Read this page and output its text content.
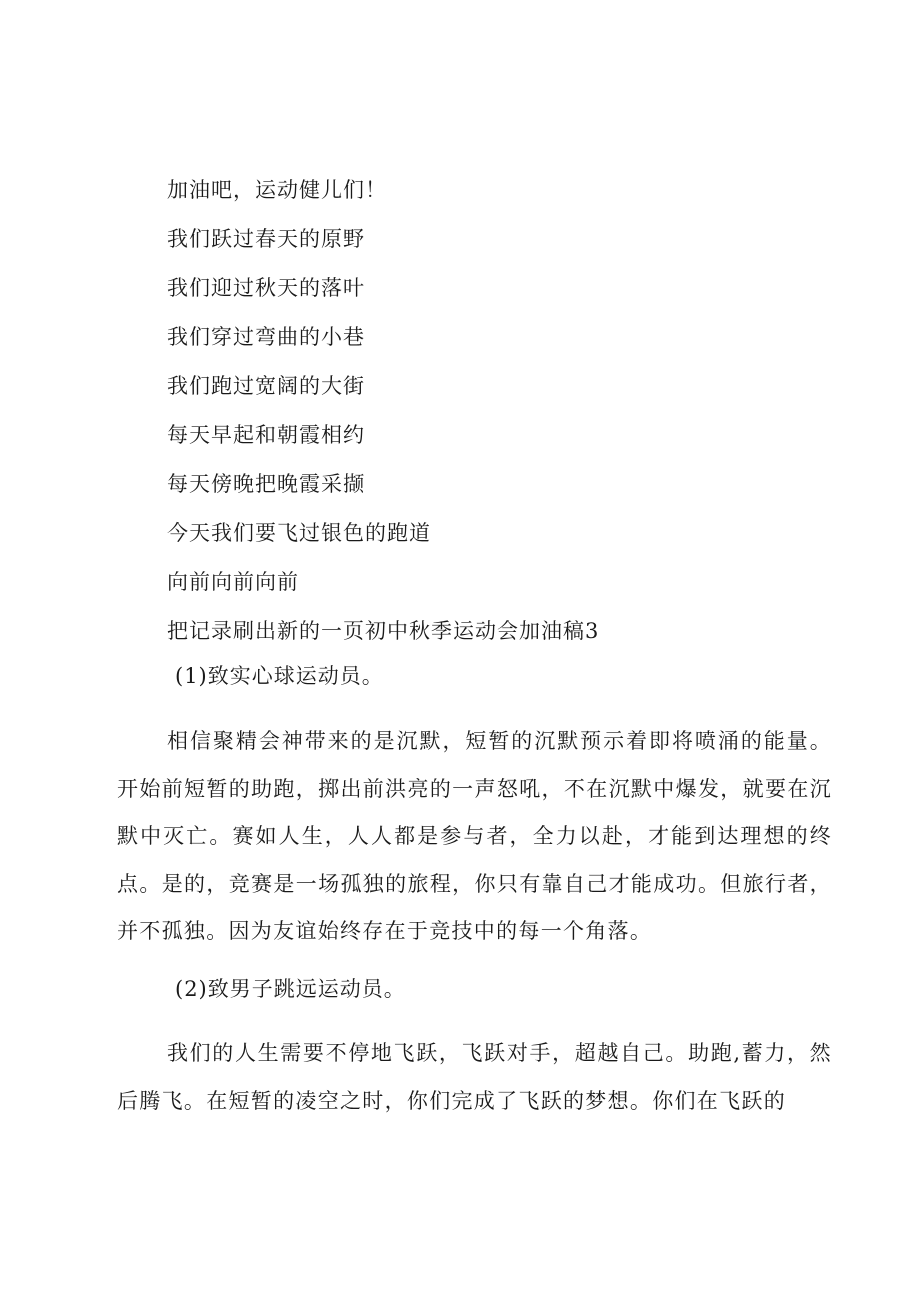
加油吧，运动健儿们！
我们跃过春天的原野
我们迎过秋天的落叶
我们穿过弯曲的小巷
我们跑过宽阔的大街
每天早起和朝霞相约
每天傍晚把晚霞采撷
今天我们要飞过银色的跑道
向前向前向前
把记录刷出新的一页初中秋季运动会加油稿3
(1)致实心球运动员。

相信聚精会神带来的是沉默，短暂的沉默预示着即将喷涌的能量。开始前短暂的助跑，掷出前洪亮的一声怒吼，不在沉默中爆发，就要在沉默中灭亡。赛如人生，人人都是参与者，全力以赴，才能到达理想的终点。是的，竞赛是一场孤独的旅程，你只有靠自己才能成功。但旅行者，并不孤独。因为友谊始终存在于竞技中的每一个角落。

(2)致男子跳远运动员。

我们的人生需要不停地飞跃，飞跃对手，超越自己。助跑,蓄力，然后腾飞。在短暂的凌空之时，你们完成了飞跃的梦想。你们在飞跃的
